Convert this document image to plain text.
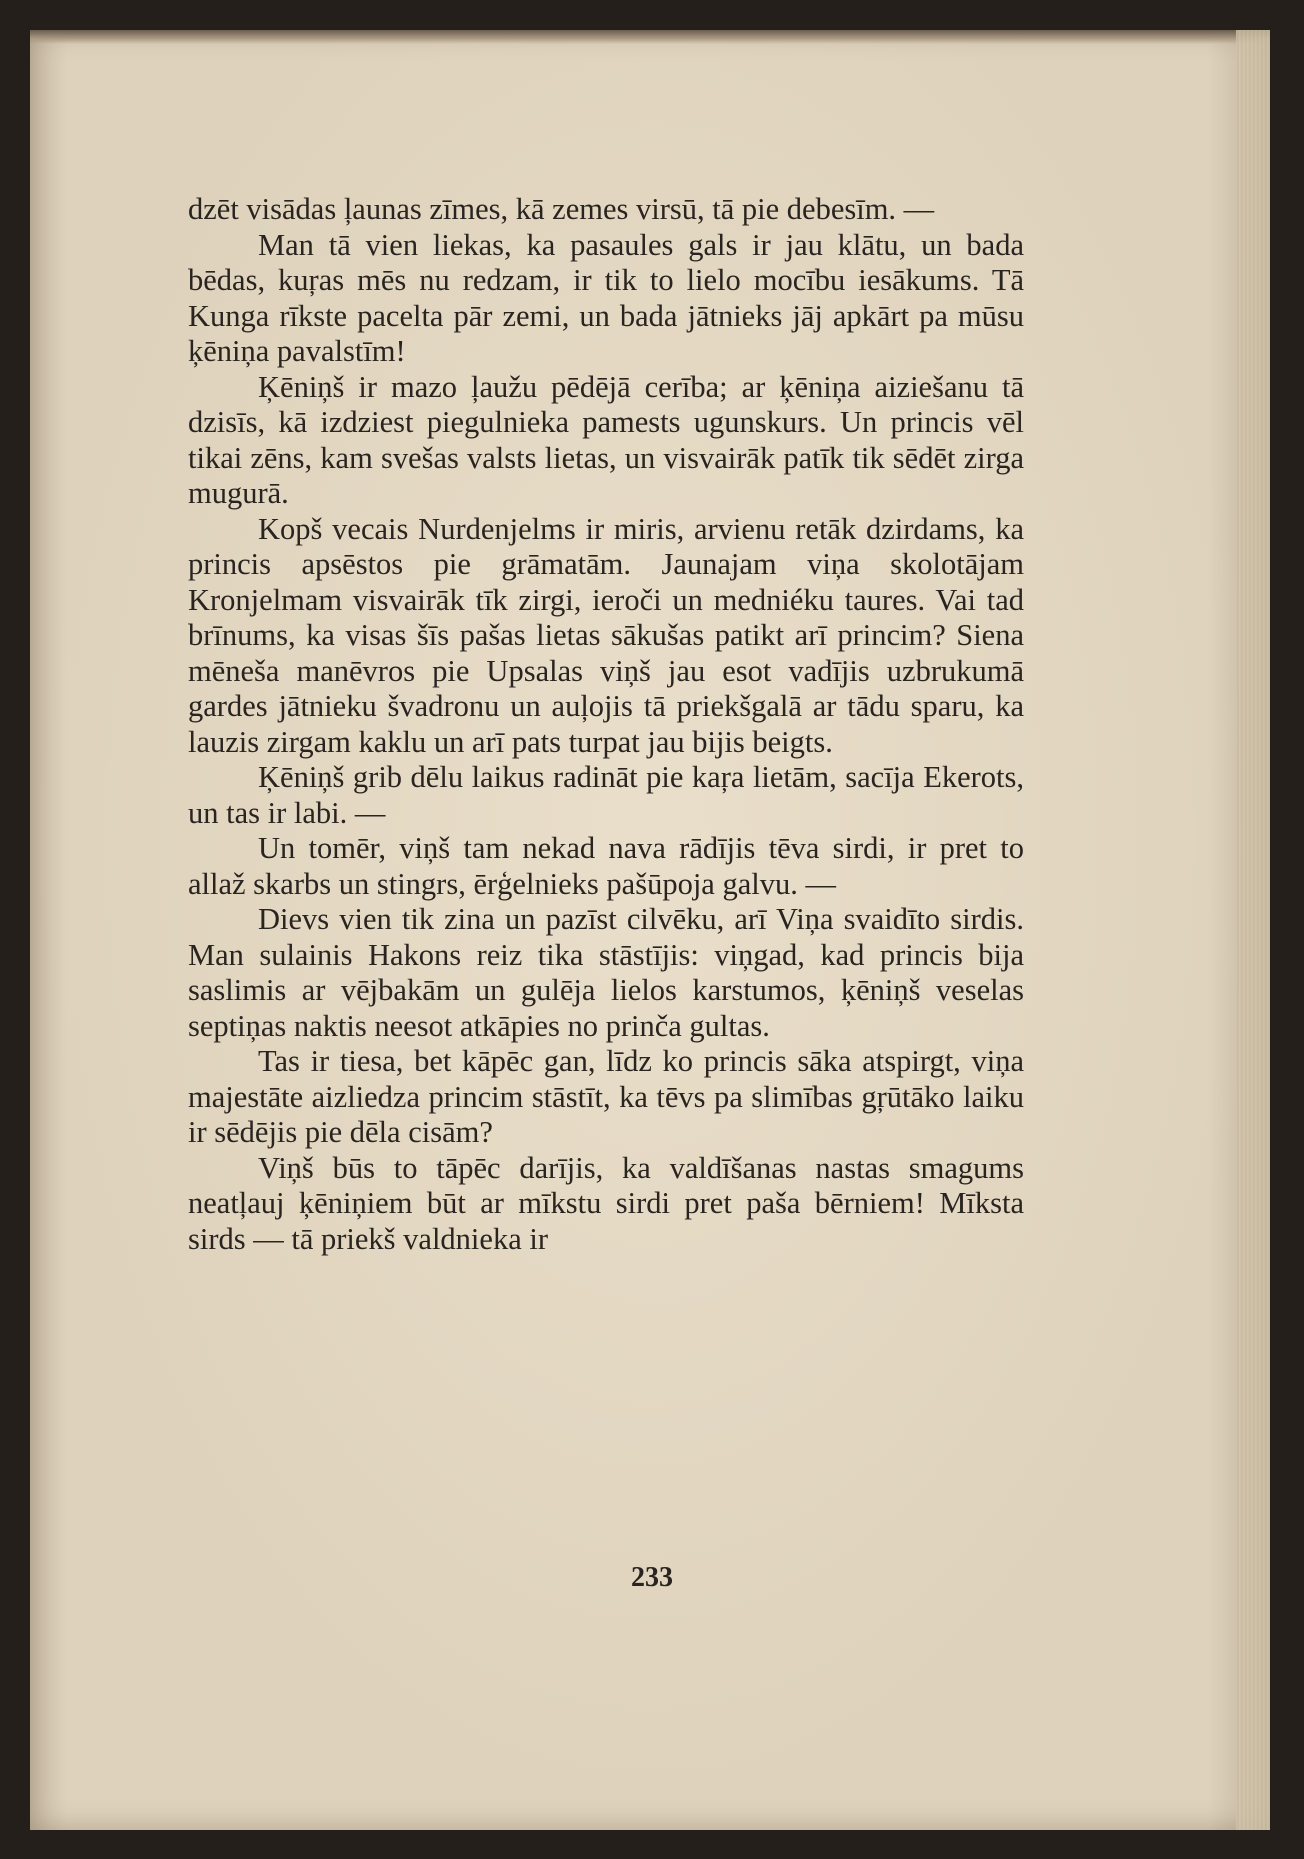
dzēt visādas ļaunas zīmes, kā zemes virsū, tā pie debesīm. —

Man tā vien liekas, ka pasaules gals ir jau klātu, un bada bēdas, kuŗas mēs nu redzam, ir tik to lielo mocību iesākums. Tā Kunga rīkste pacelta pār zemi, un bada jātnieks jāj apkārt pa mūsu ķēniņa pavalstīm!

Ķēniņš ir mazo ļaužu pēdējā cerība; ar ķēniņa aiziešanu tā dzisīs, kā izdziest piegulnieka pamests ugunskurs. Un princis vēl tikai zēns, kam svešas valsts lietas, un visvairāk patīk tik sēdēt zirga mugurā.

Kopš vecais Nurdenjelms ir miris, arvienu retāk dzirdams, ka princis apsēstos pie grāmatām. Jaunajam viņa skolotājam Kronjelmam visvairāk tīk zirgi, ieroči un medniéku taures. Vai tad brīnums, ka visas šīs pašas lietas sākušas patikt arī princim? Siena mēneša manēvros pie Upsalas viņš jau esot vadījis uzbrukumā gardes jātnieku švadronu un auļojis tā priekšgalā ar tādu sparu, ka lauzis zirgam kaklu un arī pats turpat jau bijis beigts.

Ķēniņš grib dēlu laikus radināt pie kaŗa lietām, sacīja Ekerots, un tas ir labi. —

Un tomēr, viņš tam nekad nava rādījis tēva sirdi, ir pret to allaž skarbs un stingrs, ērģelnieks pašūpoja galvu. —

Dievs vien tik zina un pazīst cilvēku, arī Viņa svaidīto sirdis. Man sulainis Hakons reiz tika stāstījis: viņgad, kad princis bija saslimis ar vējbakām un gulēja lielos karstumos, ķēniņš veselas septiņas naktis neesot atkāpies no prinča gultas.

Tas ir tiesa, bet kāpēc gan, līdz ko princis sāka atspirgt, viņa majestāte aizliedza princim stāstīt, ka tēvs pa slimības gŗūtāko laiku ir sēdējis pie dēla cisām?

Viņš būs to tāpēc darījis, ka valdīšanas nastas smagums neatļauj ķēniņiem būt ar mīkstu sirdi pret paša bērniem! Mīksta sirds — tā priekš valdnieka ir

233
